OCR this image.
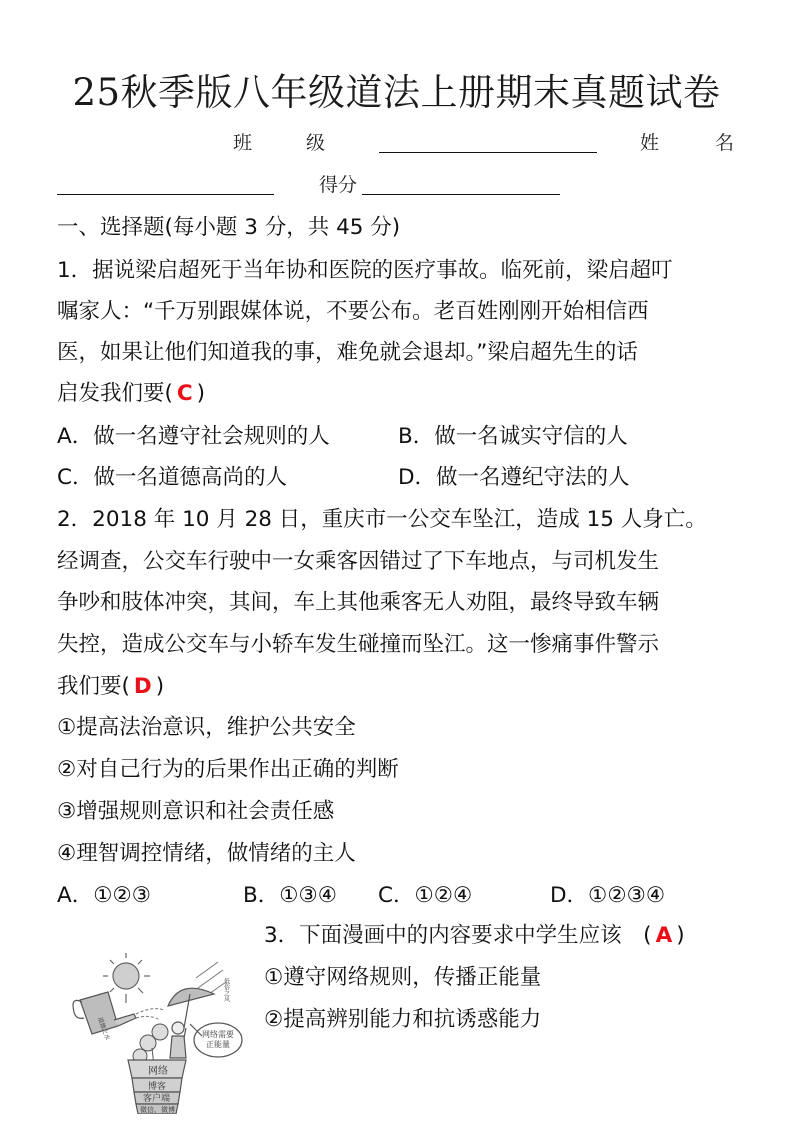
25秋季版八年级道法上册期末真题试卷
班	级	姓	名
得分
一、选择题(每小题 3 分，共 45 分)
1．据说梁启超死于当年协和医院的医疗事故。临死前，梁启超叮
嘱家人：“千万别跟媒体说，不要公布。老百姓刚刚开始相信西
医，如果让他们知道我的事，难免就会退却。”梁启超先生的话
启发我们要( C )
A．做一名遵守社会规则的人	B．做一名诚实守信的人
C．做一名道德高尚的人	D．做一名遵纪守法的人
2．2018 年 10 月 28 日，重庆市一公交车坠江，造成 15 人身亡。
经调查，公交车行驶中一女乘客因错过了下车地点，与司机发生
争吵和肢体冲突，其间，车上其他乘客无人劝阻，最终导致车辆
失控，造成公交车与小轿车发生碰撞而坠江。这一惨痛事件警示
我们要( D )
①提高法治意识，维护公共安全
②对自己行为的后果作出正确的判断
③增强规则意识和社会责任感
④理智调控情绪，做情绪的主人
A．①②③	B．①③④ C．①②④	D．①②③④
3．下面漫画中的内容要求中学生应该　( A )
①遵守网络规则，传播正能量
②提高辨别能力和抗诱惑能力
道德之水
低俗之风
网络需要
正能量
网络
博客
客户端
微信、微博
